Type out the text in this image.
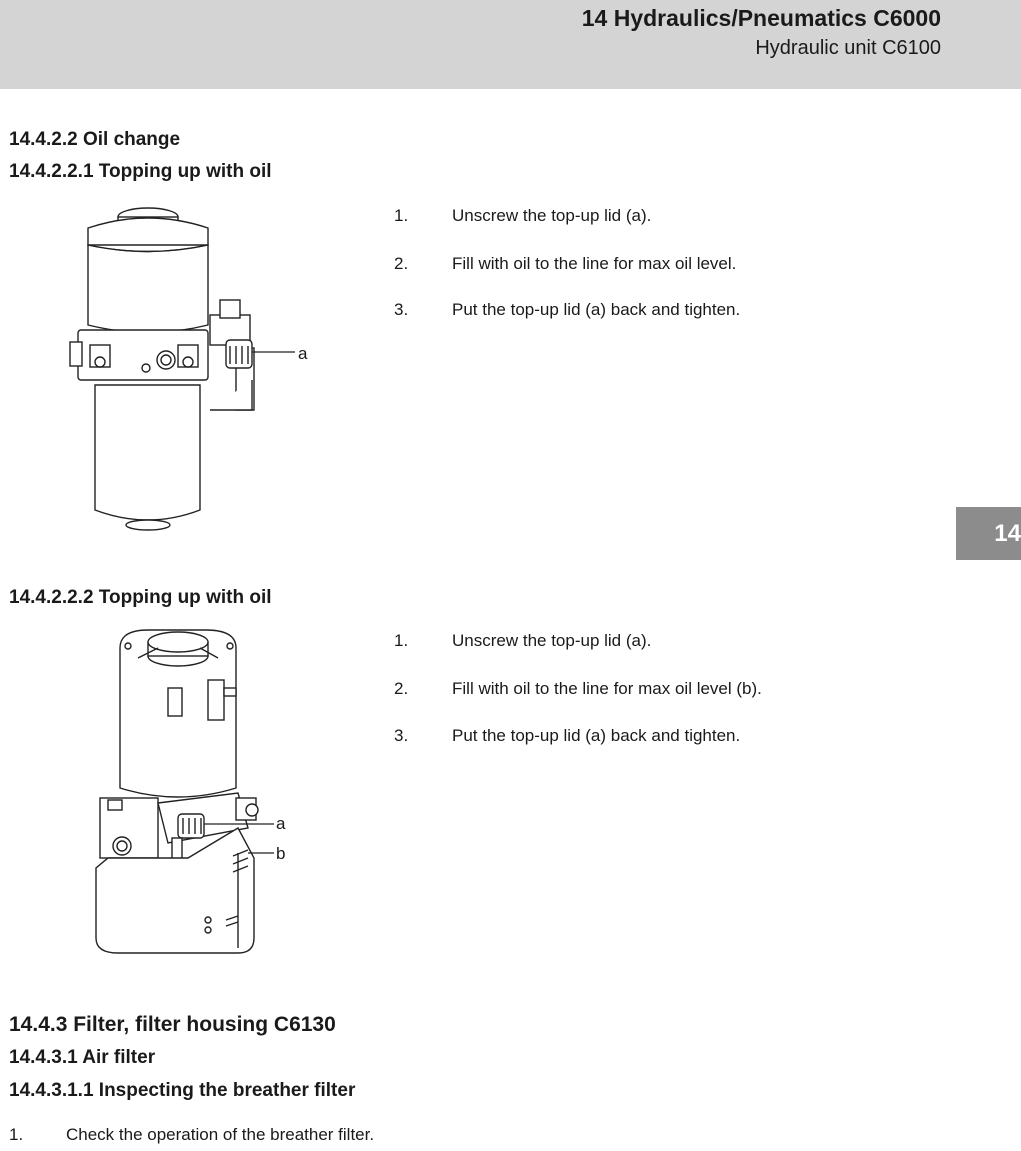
14 Hydraulics/Pneumatics C6000
Hydraulic unit C6100
14
14.4.2.2 Oil change
14.4.2.2.1 Topping up with oil
a
1.	Unscrew the top-up lid (a).
2.	Fill with oil to the line for max oil level.
3.	Put the top-up lid (a) back and tighten.
14.4.2.2.2 Topping up with oil
a
b
1.	Unscrew the top-up lid (a).
2.	Fill with oil to the line for max oil level (b).
3.	Put the top-up lid (a) back and tighten.
14.4.3 Filter, filter housing C6130
14.4.3.1 Air filter
14.4.3.1.1 Inspecting the breather filter
1.	Check the operation of the breather filter.
